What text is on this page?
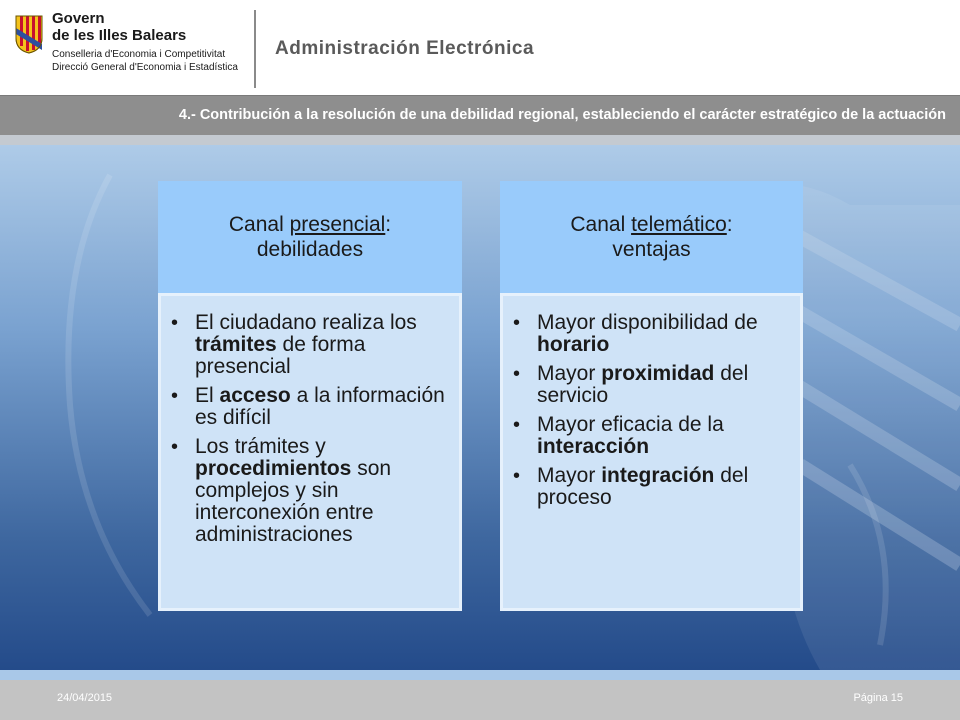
Govern
de les Illes Balears
Conselleria d'Economia i Competitivitat
Direcció General d'Economia i Estadística
Administración Electrónica
4.- Contribución a la resolución de una debilidad regional, estableciendo el carácter estratégico de la actuación
Canal presencial:
debilidades
• El ciudadano realiza los trámites de forma presencial
• El acceso a la información es difícil
• Los trámites y procedimientos son complejos y sin interconexión entre administraciones
Canal telemático:
ventajas
• Mayor disponibilidad de horario
• Mayor proximidad del servicio
• Mayor eficacia de la interacción
• Mayor integración del proceso
24/04/2015	Página 15
